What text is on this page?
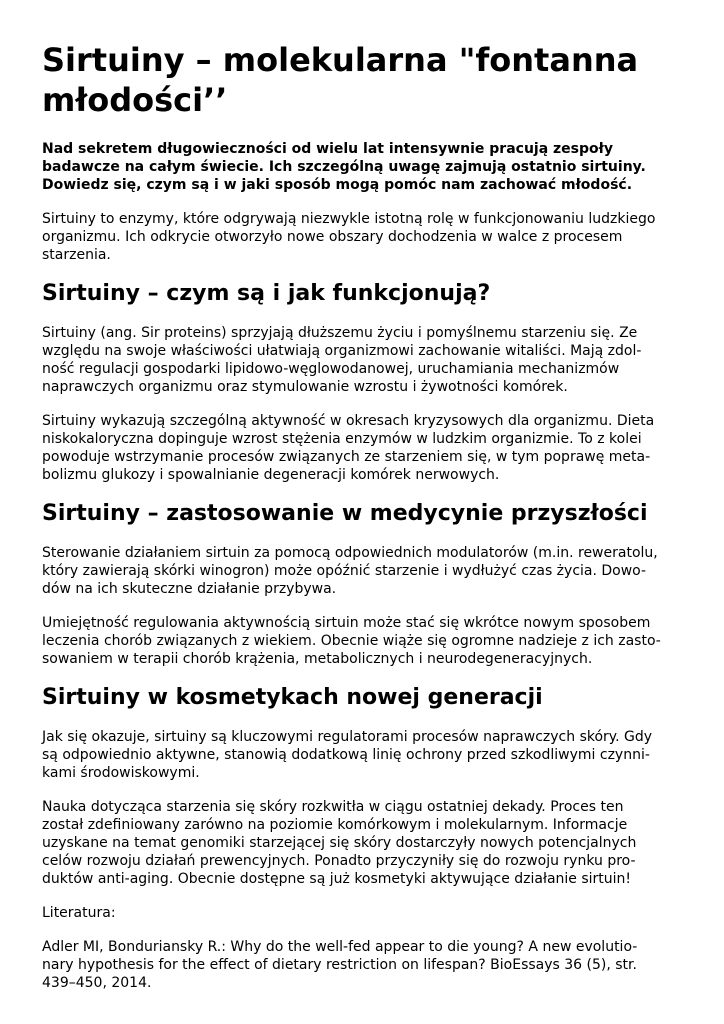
Sirtuiny – molekularna "fontanna
młodości’’

Nad sekretem długowieczności od wielu lat intensywnie pracują zespoły
badawcze na całym świecie. Ich szczególną uwagę zajmują ostatnio sirtuiny.
Dowiedz się, czym są i w jaki sposób mogą pomóc nam zachować młodość.

Sirtuiny to enzymy, które odgrywają niezwykle istotną rolę w funkcjonowaniu ludzkiego
organizmu. Ich odkrycie otworzyło nowe obszary dochodzenia w walce z procesem
starzenia.

Sirtuiny – czym są i jak funkcjonują?

Sirtuiny (ang. Sir proteins) sprzyjają dłuższemu życiu i pomyślnemu starzeniu się. Ze
względu na swoje właściwości ułatwiają organizmowi zachowanie witaliści. Mają zdol-
ność regulacji gospodarki lipidowo-węglowodanowej, uruchamiania mechanizmów
naprawczych organizmu oraz stymulowanie wzrostu i żywotności komórek.

Sirtuiny wykazują szczególną aktywność w okresach kryzysowych dla organizmu. Dieta
niskokaloryczna dopinguje wzrost stężenia enzymów w ludzkim organizmie. To z kolei
powoduje wstrzymanie procesów związanych ze starzeniem się, w tym poprawę meta-
bolizmu glukozy i spowalnianie degeneracji komórek nerwowych.

Sirtuiny – zastosowanie w medycynie przyszłości

Sterowanie działaniem sirtuin za pomocą odpowiednich modulatorów (m.in. reweratolu,
który zawierają skórki winogron) może opóźnić starzenie i wydłużyć czas życia. Dowo-
dów na ich skuteczne działanie przybywa.

Umiejętność regulowania aktywnością sirtuin może stać się wkrótce nowym sposobem
leczenia chorób związanych z wiekiem. Obecnie wiąże się ogromne nadzieje z ich zasto-
sowaniem w terapii chorób krążenia, metabolicznych i neurodegeneracyjnych.

Sirtuiny w kosmetykach nowej generacji

Jak się okazuje, sirtuiny są kluczowymi regulatorami procesów naprawczych skóry. Gdy
są odpowiednio aktywne, stanowią dodatkową linię ochrony przed szkodliwymi czynni-
kami środowiskowymi.

Nauka dotycząca starzenia się skóry rozkwitła w ciągu ostatniej dekady. Proces ten
został zdefiniowany zarówno na poziomie komórkowym i molekularnym. Informacje
uzyskane na temat genomiki starzejącej się skóry dostarczyły nowych potencjalnych
celów rozwoju działań prewencyjnych. Ponadto przyczyniły się do rozwoju rynku pro-
duktów anti-aging. Obecnie dostępne są już kosmetyki aktywujące działanie sirtuin!

Literatura:

Adler MI, Bonduriansky R.: Why do the well-fed appear to die young? A new evolutio-
nary hypothesis for the effect of dietary restriction on lifespan? BioEssays 36 (5), str.
439–450, 2014.
